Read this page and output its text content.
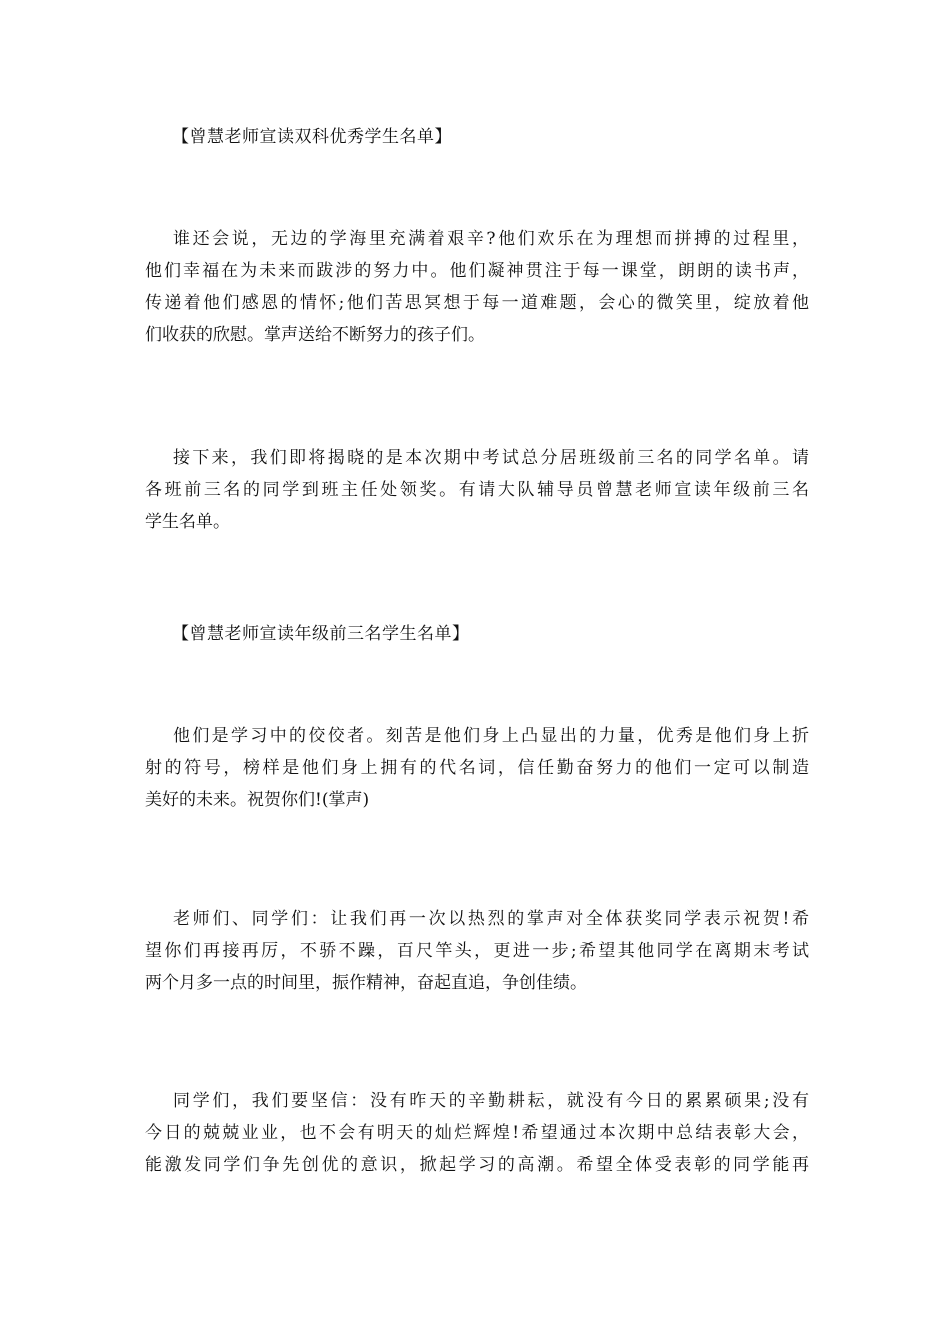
【曾慧老师宣读双科优秀学生名单】
谁还会说，无边的学海里充满着艰辛?他们欢乐在为理想而拼搏的过程里，
他们幸福在为未来而跋涉的努力中。他们凝神贯注于每一课堂，朗朗的读书声，
传递着他们感恩的情怀;他们苦思冥想于每一道难题，会心的微笑里，绽放着他
们收获的欣慰。掌声送给不断努力的孩子们。
接下来，我们即将揭晓的是本次期中考试总分居班级前三名的同学名单。请
各班前三名的同学到班主任处领奖。有请大队辅导员曾慧老师宣读年级前三名
学生名单。
【曾慧老师宣读年级前三名学生名单】
他们是学习中的佼佼者。刻苦是他们身上凸显出的力量，优秀是他们身上折
射的符号，榜样是他们身上拥有的代名词，信任勤奋努力的他们一定可以制造
美好的未来。祝贺你们!(掌声)
老师们、同学们：让我们再一次以热烈的掌声对全体获奖同学表示祝贺!希
望你们再接再厉，不骄不躁，百尺竿头，更进一步;希望其他同学在离期末考试
两个月多一点的时间里，振作精神，奋起直追，争创佳绩。
同学们，我们要坚信：没有昨天的辛勤耕耘，就没有今日的累累硕果;没有
今日的兢兢业业，也不会有明天的灿烂辉煌!希望通过本次期中总结表彰大会，
能激发同学们争先创优的意识，掀起学习的高潮。希望全体受表彰的同学能再
